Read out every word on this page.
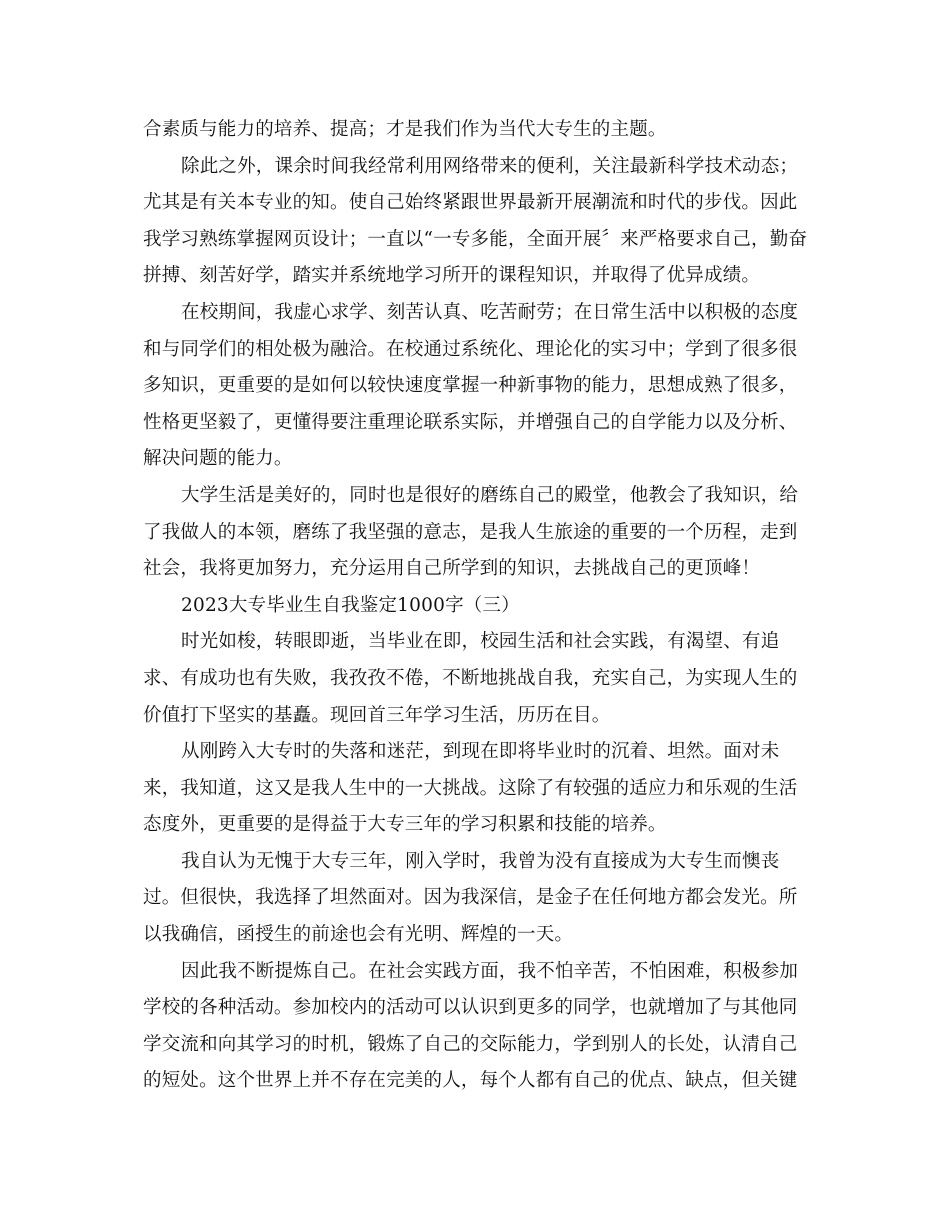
合素质与能力的培养、提高；才是我们作为当代大专生的主题。
除此之外，课余时间我经常利用网络带来的便利，关注最新科学技术动态；
尤其是有关本专业的知。使自己始终紧跟世界最新开展潮流和时代的步伐。因此
我学习熟练掌握网页设计；一直以“一专多能，全面开展〞来严格要求自己，勤奋
拼搏、刻苦好学，踏实并系统地学习所开的课程知识，并取得了优异成绩。
在校期间，我虚心求学、刻苦认真、吃苦耐劳；在日常生活中以积极的态度
和与同学们的相处极为融洽。在校通过系统化、理论化的实习中；学到了很多很
多知识，更重要的是如何以较快速度掌握一种新事物的能力，思想成熟了很多，
性格更坚毅了，更懂得要注重理论联系实际，并增强自己的自学能力以及分析、
解决问题的能力。
大学生活是美好的，同时也是很好的磨练自己的殿堂，他教会了我知识，给
了我做人的本领，磨练了我坚强的意志，是我人生旅途的重要的一个历程，走到
社会，我将更加努力，充分运用自己所学到的知识，去挑战自己的更顶峰！
2023大专毕业生自我鉴定1000字（三）
时光如梭，转眼即逝，当毕业在即，校园生活和社会实践，有渴望、有追
求、有成功也有失败，我孜孜不倦，不断地挑战自我，充实自己，为实现人生的
价值打下坚实的基矗。现回首三年学习生活，历历在目。
从刚跨入大专时的失落和迷茫，到现在即将毕业时的沉着、坦然。面对未
来，我知道，这又是我人生中的一大挑战。这除了有较强的适应力和乐观的生活
态度外，更重要的是得益于大专三年的学习积累和技能的培养。
我自认为无愧于大专三年，刚入学时，我曾为没有直接成为大专生而懊丧
过。但很快，我选择了坦然面对。因为我深信，是金子在任何地方都会发光。所
以我确信，函授生的前途也会有光明、辉煌的一天。
因此我不断提炼自己。在社会实践方面，我不怕辛苦，不怕困难，积极参加
学校的各种活动。参加校内的活动可以认识到更多的同学，也就增加了与其他同
学交流和向其学习的时机，锻炼了自己的交际能力，学到别人的长处，认清自己
的短处。这个世界上并不存在完美的人，每个人都有自己的优点、缺点，但关键
